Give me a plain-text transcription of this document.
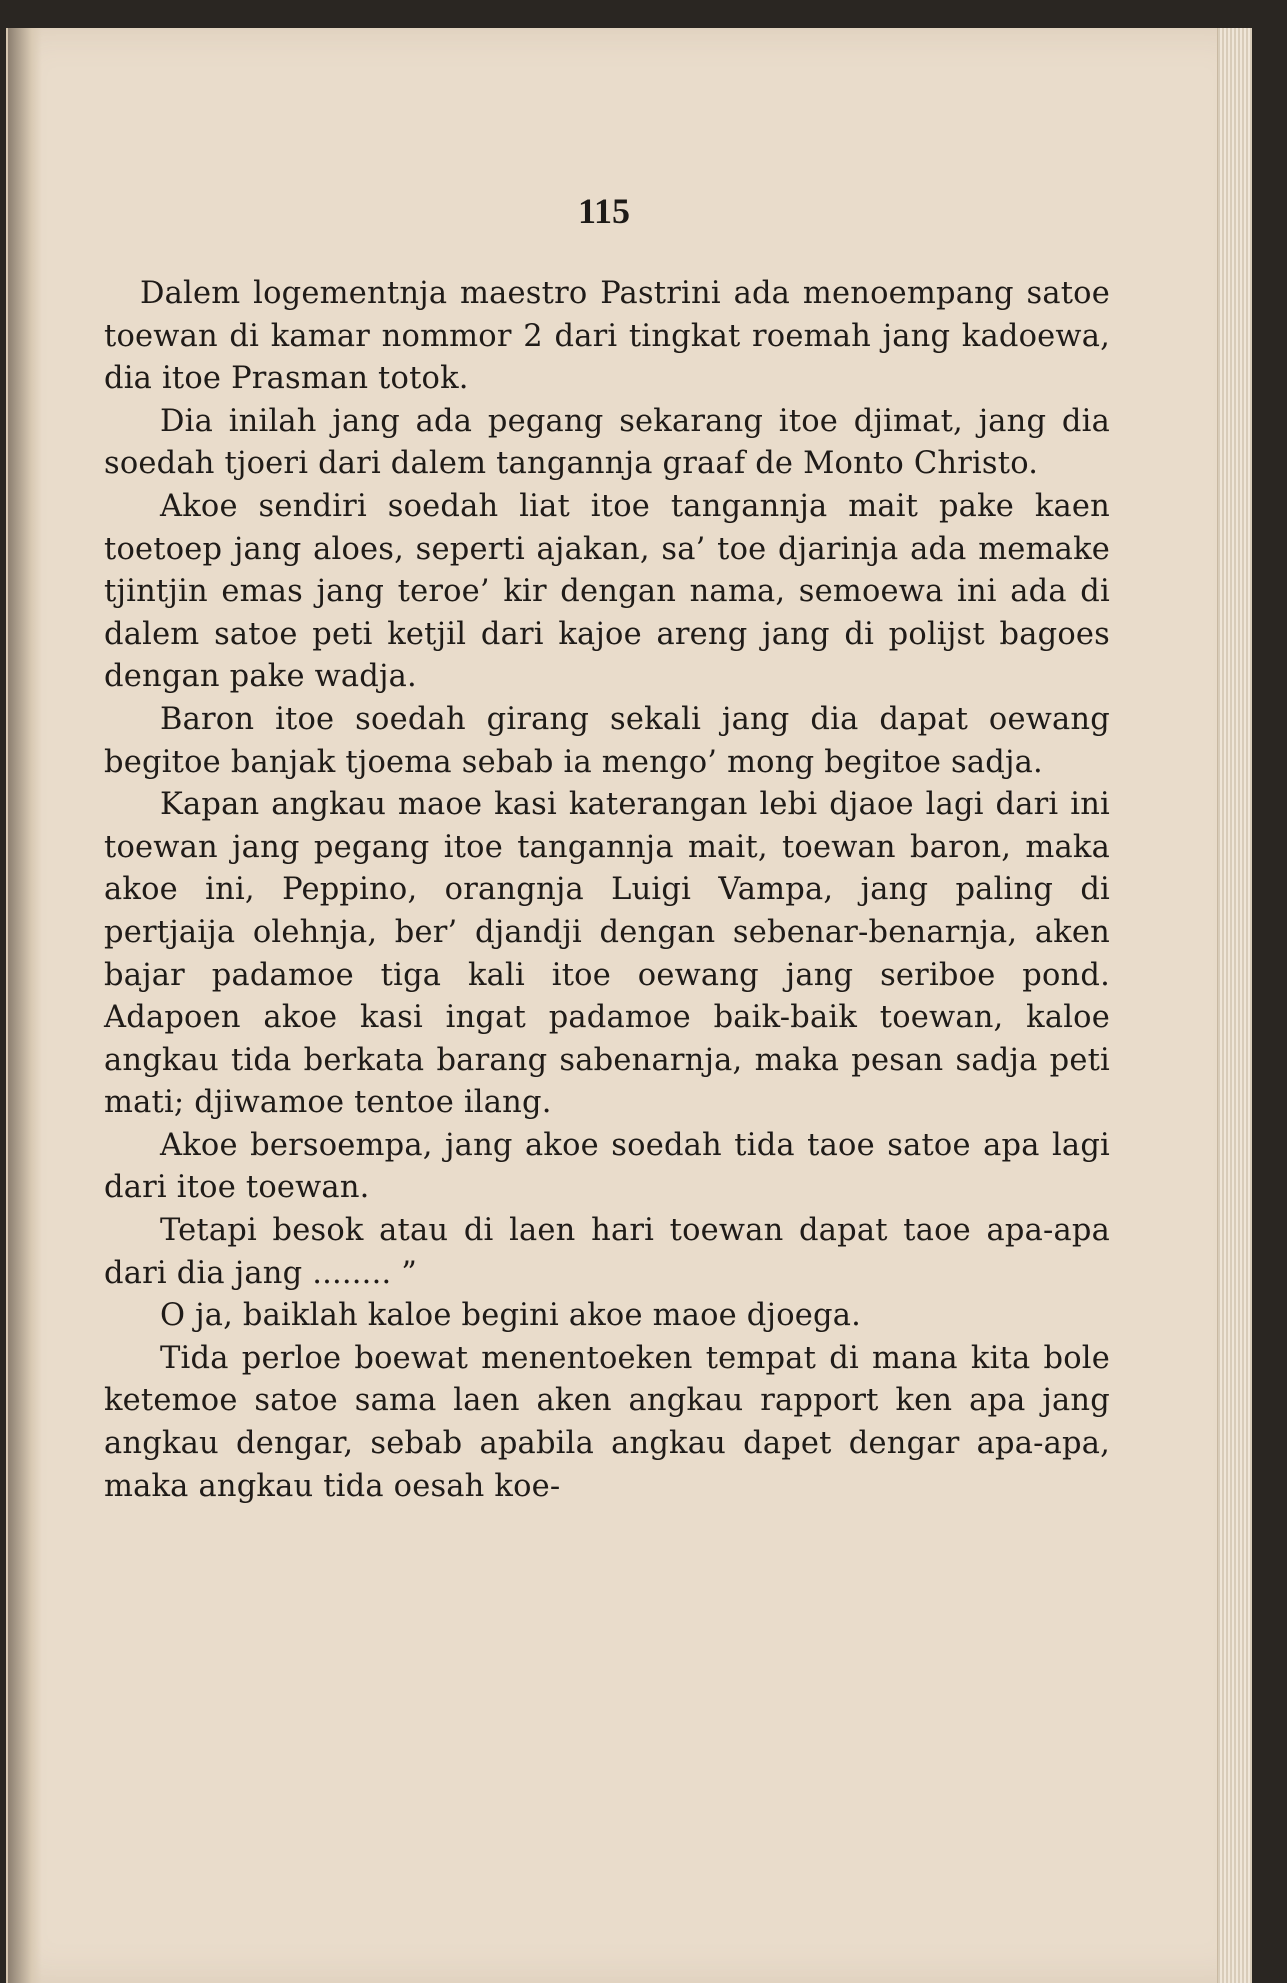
115

Dalem logementnja maestro Pastrini ada menoempang satoe toewan di kamar nommor 2 dari tingkat roemah jang kadoewa, dia itoe Prasman totok.

Dia inilah jang ada pegang sekarang itoe djimat, jang dia soedah tjoeri dari dalem tangannja graaf de Monto Christo.

Akoe sendiri soedah liat itoe tangannja mait pake kaen toetoep jang aloes, seperti ajakan, sa’ toe djarinja ada memake tjintjin emas jang teroe’ kir dengan nama, semoewa ini ada di dalem satoe peti ketjil dari kajoe areng jang di polijst bagoes dengan pake wadja.

Baron itoe soedah girang sekali jang dia dapat oewang begitoe banjak tjoema sebab ia mengo’ mong begitoe sadja.

Kapan angkau maoe kasi katerangan lebi djaoe lagi dari ini toewan jang pegang itoe tangannja mait, toewan baron, maka akoe ini, Peppino, orangnja Luigi Vampa, jang paling di pertjaija olehnja, ber’ djandji dengan sebenar-benarnja, aken bajar padamoe tiga kali itoe oewang jang seriboe pond. Adapoen akoe kasi ingat padamoe baik-baik toewan, kaloe angkau tida berkata barang sabenarnja, maka pesan sadja peti mati; djiwamoe tentoe ilang.

Akoe bersoempa, jang akoe soedah tida taoe satoe apa lagi dari itoe toewan.

Tetapi besok atau di laen hari toewan dapat taoe apa-apa dari dia jang ........ ”

O ja, baiklah kaloe begini akoe maoe djoega.

Tida perloe boewat menentoeken tempat di mana kita bole ketemoe satoe sama laen aken angkau rapport ken apa jang angkau dengar, sebab apabila angkau dapet dengar apa-apa, maka angkau tida oesah koe-
